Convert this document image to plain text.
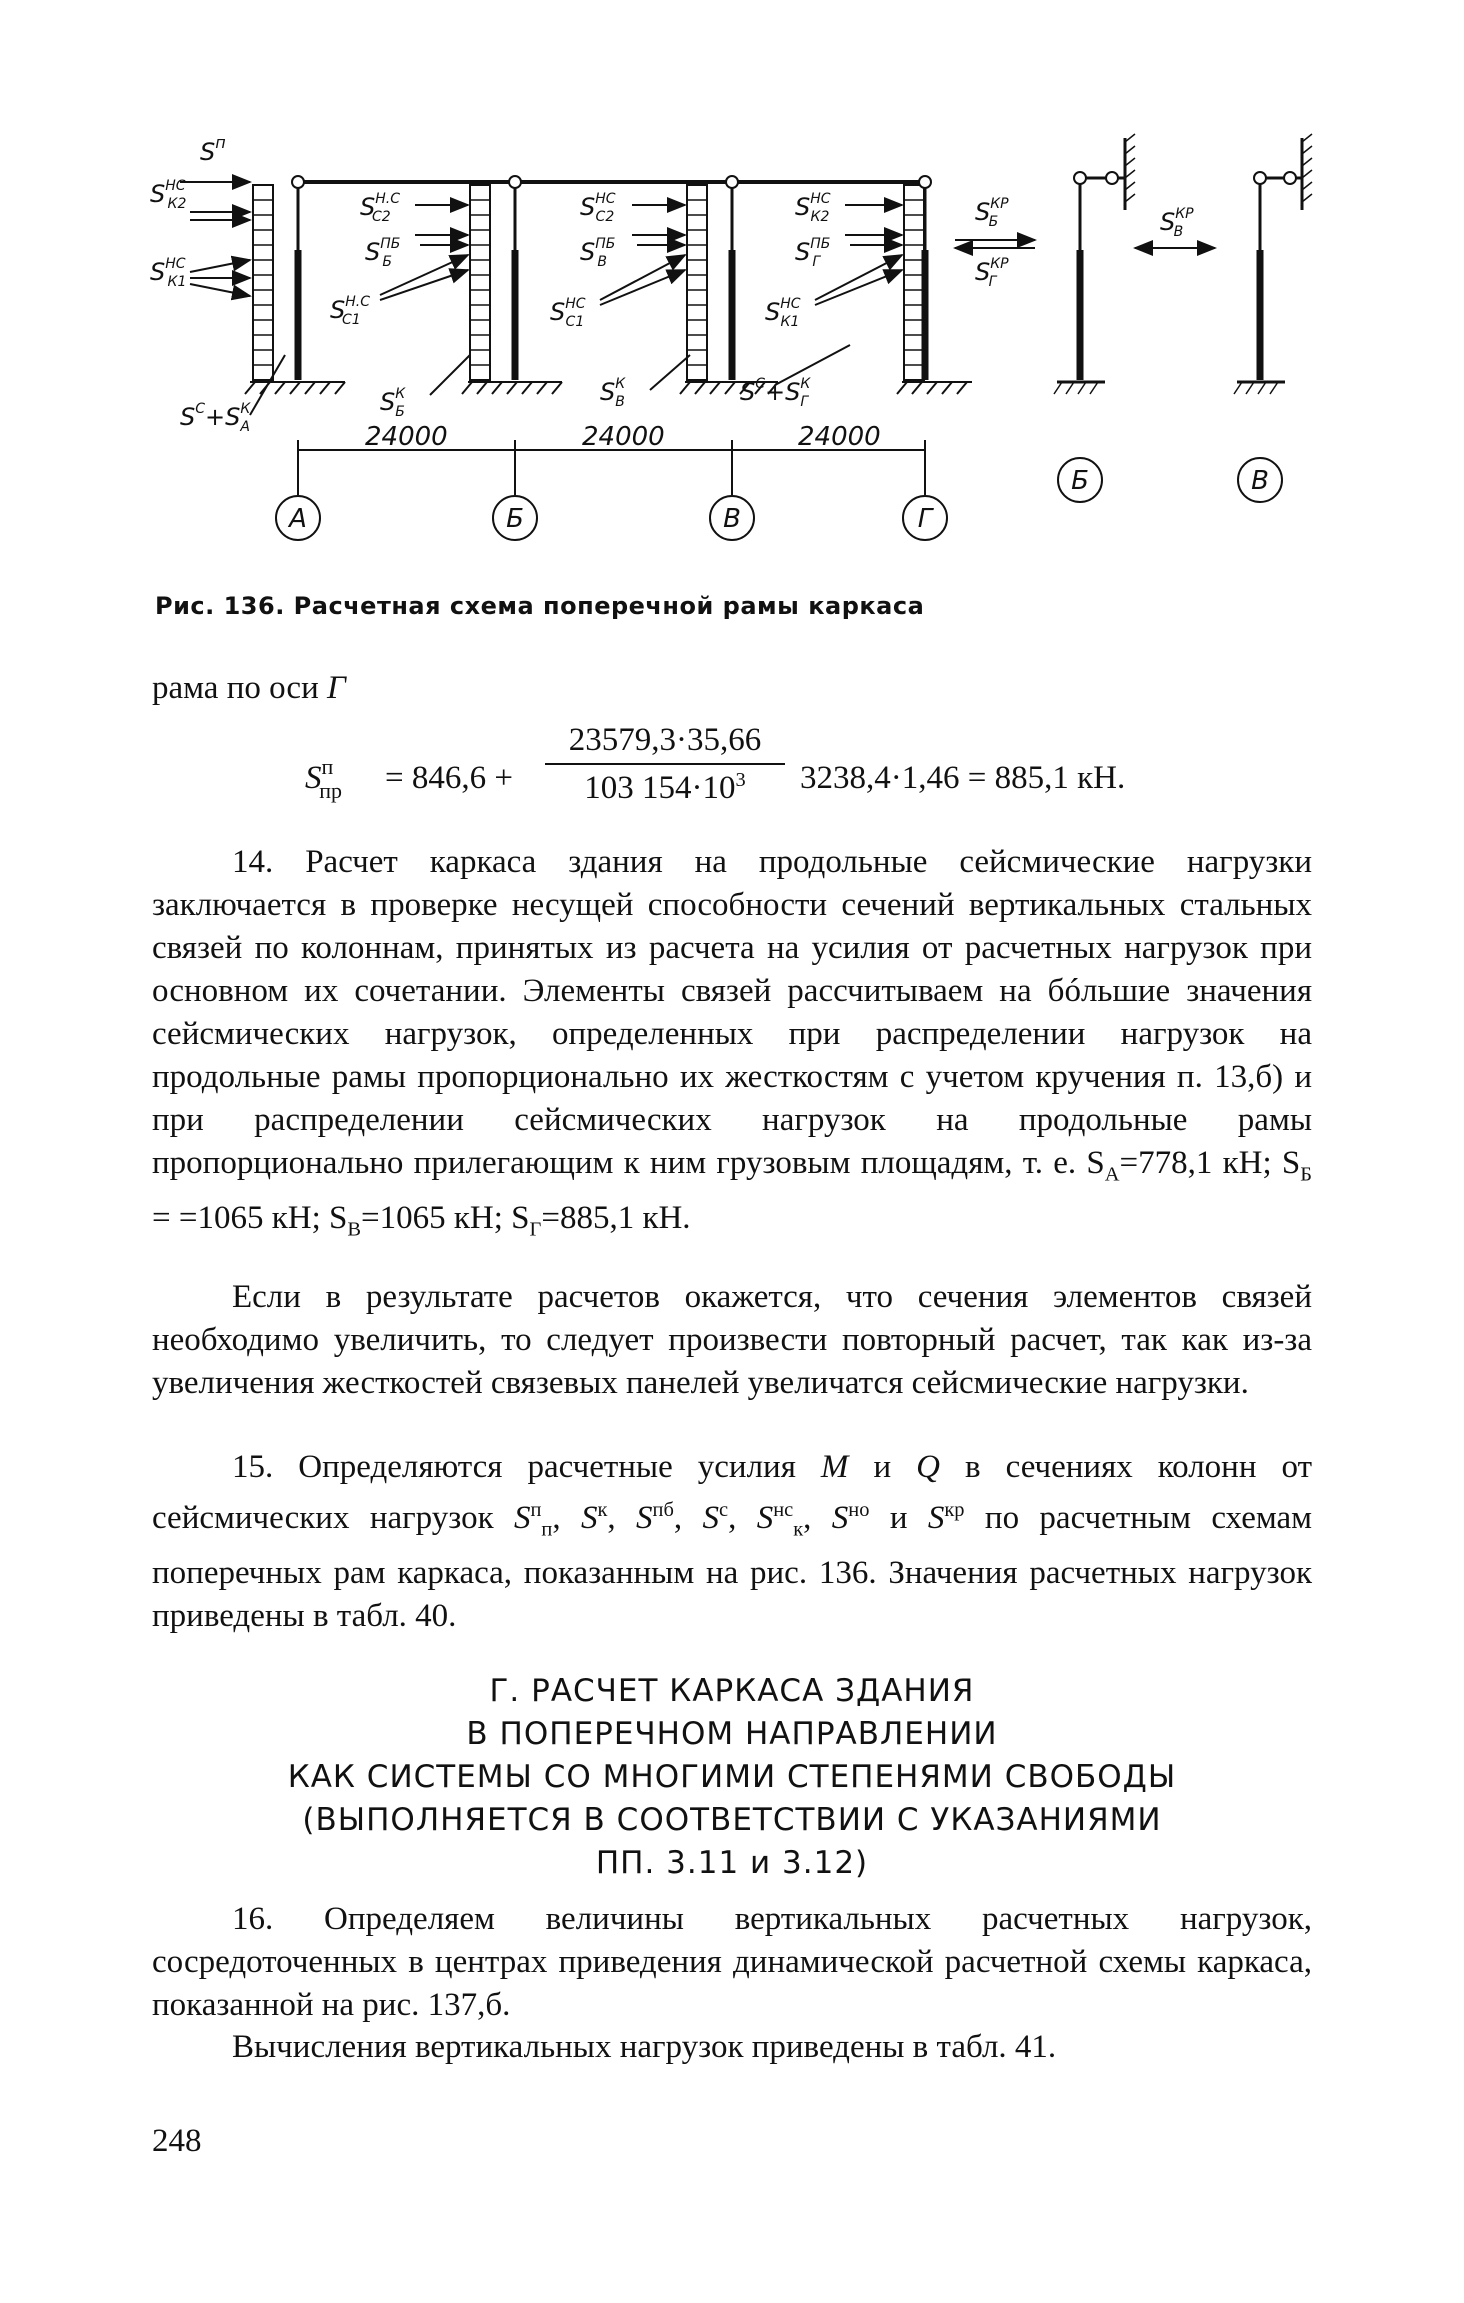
24000	24000	24000
А	Б	В	Г
Б	В
$S^п$
$S^{НС}$ К2
$S^{НС}$ К1
$S^С+S^К$ А
$S^{Н.С}$ С2
$S^{ПБ}$ Б
$S^{Н.С}$ С1
$S^К$ Б
$S^{НС}$ С2
$S^{ПБ}$ В
$S^{НС}$ С1
$S^К$ В
$S^{НС}$ К2
$S^{ПБ}$ Г
$S^{НС}$ К1
$S^С+S^К$ Г
$S^{КР}$ Б
$S^{КР}$ Г
$S^{КР}$ В
Рис. 136. Расчетная схема поперечной рамы каркаса
рама по оси Г
$S^п_{пр}$	= $846,6 + \frac{23579,3\cdot 35,66}{103 154\cdot 10^3} 3238,4\cdot 1,46 = 885,1$ кН.
14. Расчет каркаса здания на продольные сейсмические нагрузки заключается в проверке несущей способности сечений вертикальных стальных связей по колоннам, принятых из расчета на усилия от расчетных нагрузок при основном их сочетании. Элементы связей рассчитываем на бóльшие значения сейсмических нагрузок, определенных при распределении нагрузок на продольные рамы пропорционально их жесткостям с учетом кручения п. 13,б) и при распределении сейсмических нагрузок на продольные рамы пропорционально прилегающим к ним грузовым площадям, т. е. $S_А=778,1$ кН; $S_Б = =1065$ кН; $S_В=1065$ кН; $S_Г=885,1$ кН.
Если в результате расчетов окажется, что сечения элементов связей необходимо увеличить, то следует произвести повторный расчет, так как из-за увеличения жесткостей связевых панелей увеличатся сейсмические нагрузки.
15. Определяются расчетные усилия M и Q в сечениях колонн от сейсмических нагрузок $S^п_п$, $S^к$, $S^{пб}$, $S^с$, $S^{нс}_к$, $S^{но}$ и $S^{кр}$ по расчетным схемам поперечных рам каркаса, показанным на рис. 136. Значения расчетных нагрузок приведены в табл. 40.
Г. РАСЧЕТ КАРКАСА ЗДАНИЯ
В ПОПЕРЕЧНОМ НАПРАВЛЕНИИ
КАК СИСТЕМЫ СО МНОГИМИ СТЕПЕНЯМИ СВОБОДЫ
(ВЫПОЛНЯЕТСЯ В СООТВЕТСТВИИ С УКАЗАНИЯМИ
ПП. 3.11 и 3.12)
16. Определяем величины вертикальных расчетных нагрузок, сосредоточенных в центрах приведения динамической расчетной схемы каркаса, показанной на рис. 137,б.
Вычисления вертикальных нагрузок приведены в табл. 41.
248
